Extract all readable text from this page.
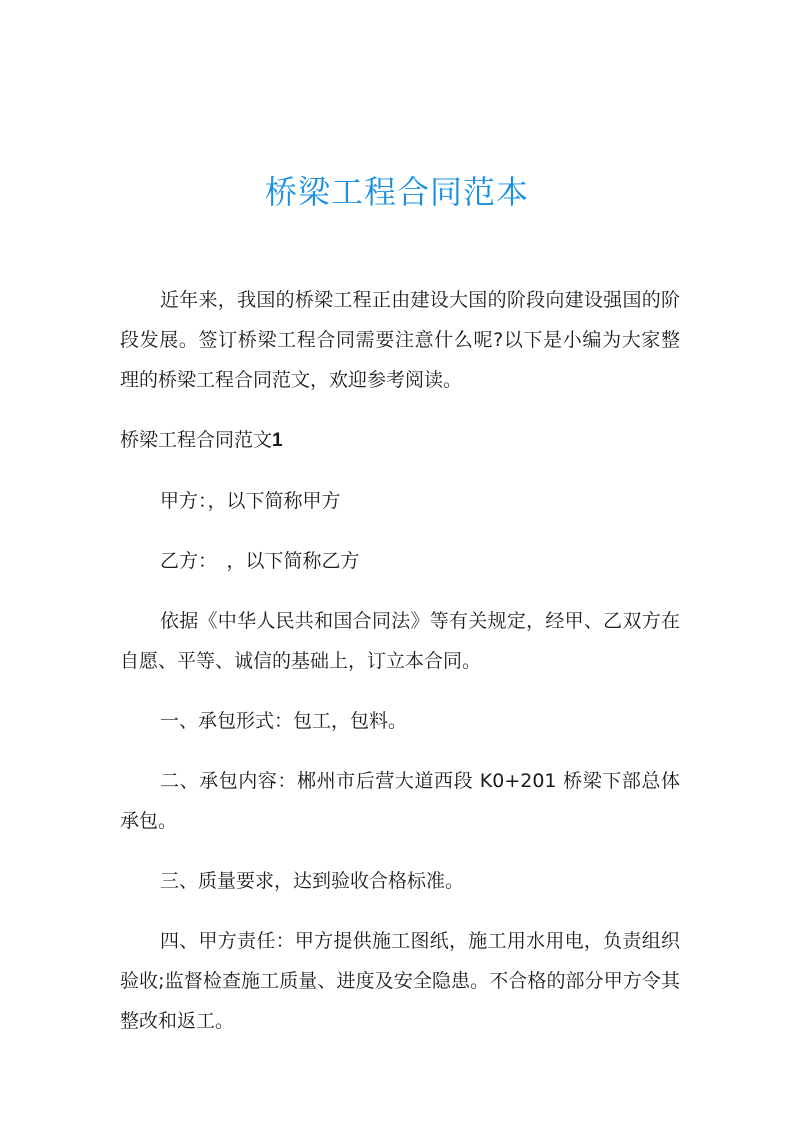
桥梁工程合同范本

近年来，我国的桥梁工程正由建设大国的阶段向建设强国的阶段发展。签订桥梁工程合同需要注意什么呢?以下是小编为大家整理的桥梁工程合同范文，欢迎参考阅读。

桥梁工程合同范文1

甲方：，以下简称甲方

乙方：　，以下简称乙方

依据《中华人民共和国合同法》等有关规定，经甲、乙双方在自愿、平等、诚信的基础上，订立本合同。

一、承包形式：包工，包料。

二、承包内容：郴州市后营大道西段 K0+201 桥梁下部总体承包。

三、质量要求，达到验收合格标准。

四、甲方责任：甲方提供施工图纸，施工用水用电，负责组织验收;监督检查施工质量、进度及安全隐患。不合格的部分甲方令其整改和返工。
